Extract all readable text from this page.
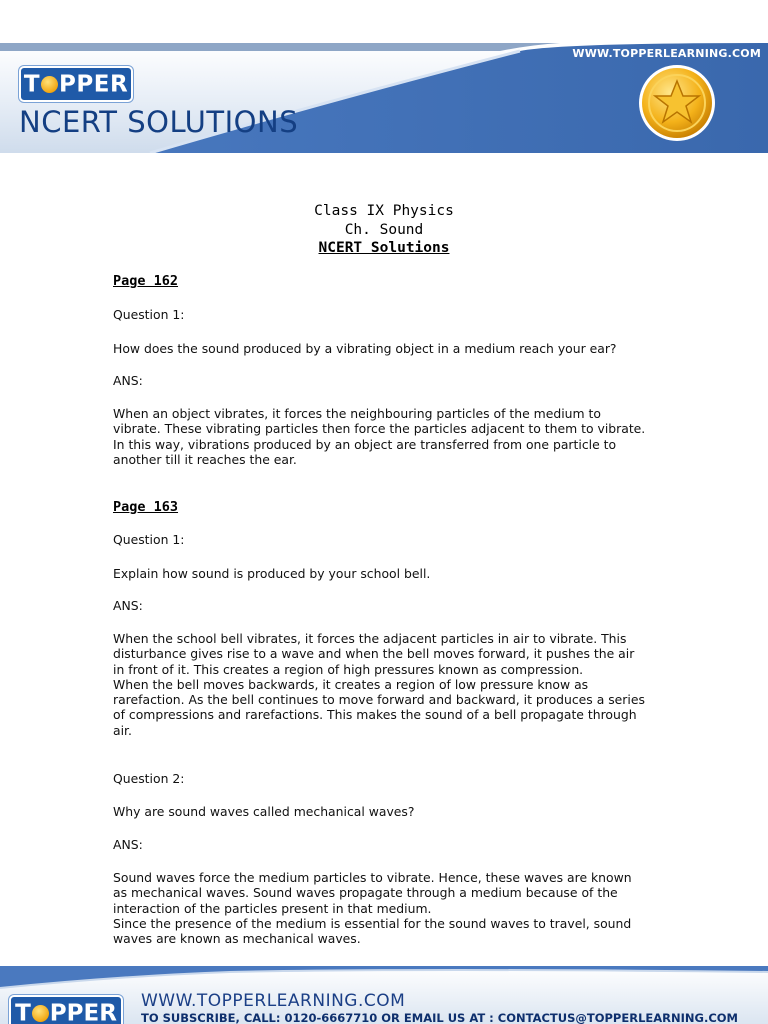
WWW.TOPPERLEARNING.COM
T PPER
NCERT SOLUTIONS
Class IX Physics
Ch. Sound
NCERT Solutions

Page 162

Question 1:

How does the sound produced by a vibrating object in a medium reach your ear?

ANS:

When an object vibrates, it forces the neighbouring particles of the medium to

vibrate. These vibrating particles then force the particles adjacent to them to vibrate.

In this way, vibrations produced by an object are transferred from one particle to

another till it reaches the ear.

Page 163

Question 1:

Explain how sound is produced by your school bell.

ANS:

When the school bell vibrates, it forces the adjacent particles in air to vibrate. This

disturbance gives rise to a wave and when the bell moves forward, it pushes the air

in front of it. This creates a region of high pressures known as compression.

When the bell moves backwards, it creates a region of low pressure know as

rarefaction. As the bell continues to move forward and backward, it produces a series

of compressions and rarefactions. This makes the sound of a bell propagate through

air.

Question 2:

Why are sound waves called mechanical waves?

ANS:

Sound waves force the medium particles to vibrate. Hence, these waves are known

as mechanical waves. Sound waves propagate through a medium because of the

interaction of the particles present in that medium.

Since the presence of the medium is essential for the sound waves to travel, sound

waves are known as mechanical waves.

T PPER WWW.TOPPERLEARNING.COM
TO SUBSCRIBE, CALL: 0120-6667710 OR EMAIL US AT : CONTACTUS@TOPPERLEARNING.COM
